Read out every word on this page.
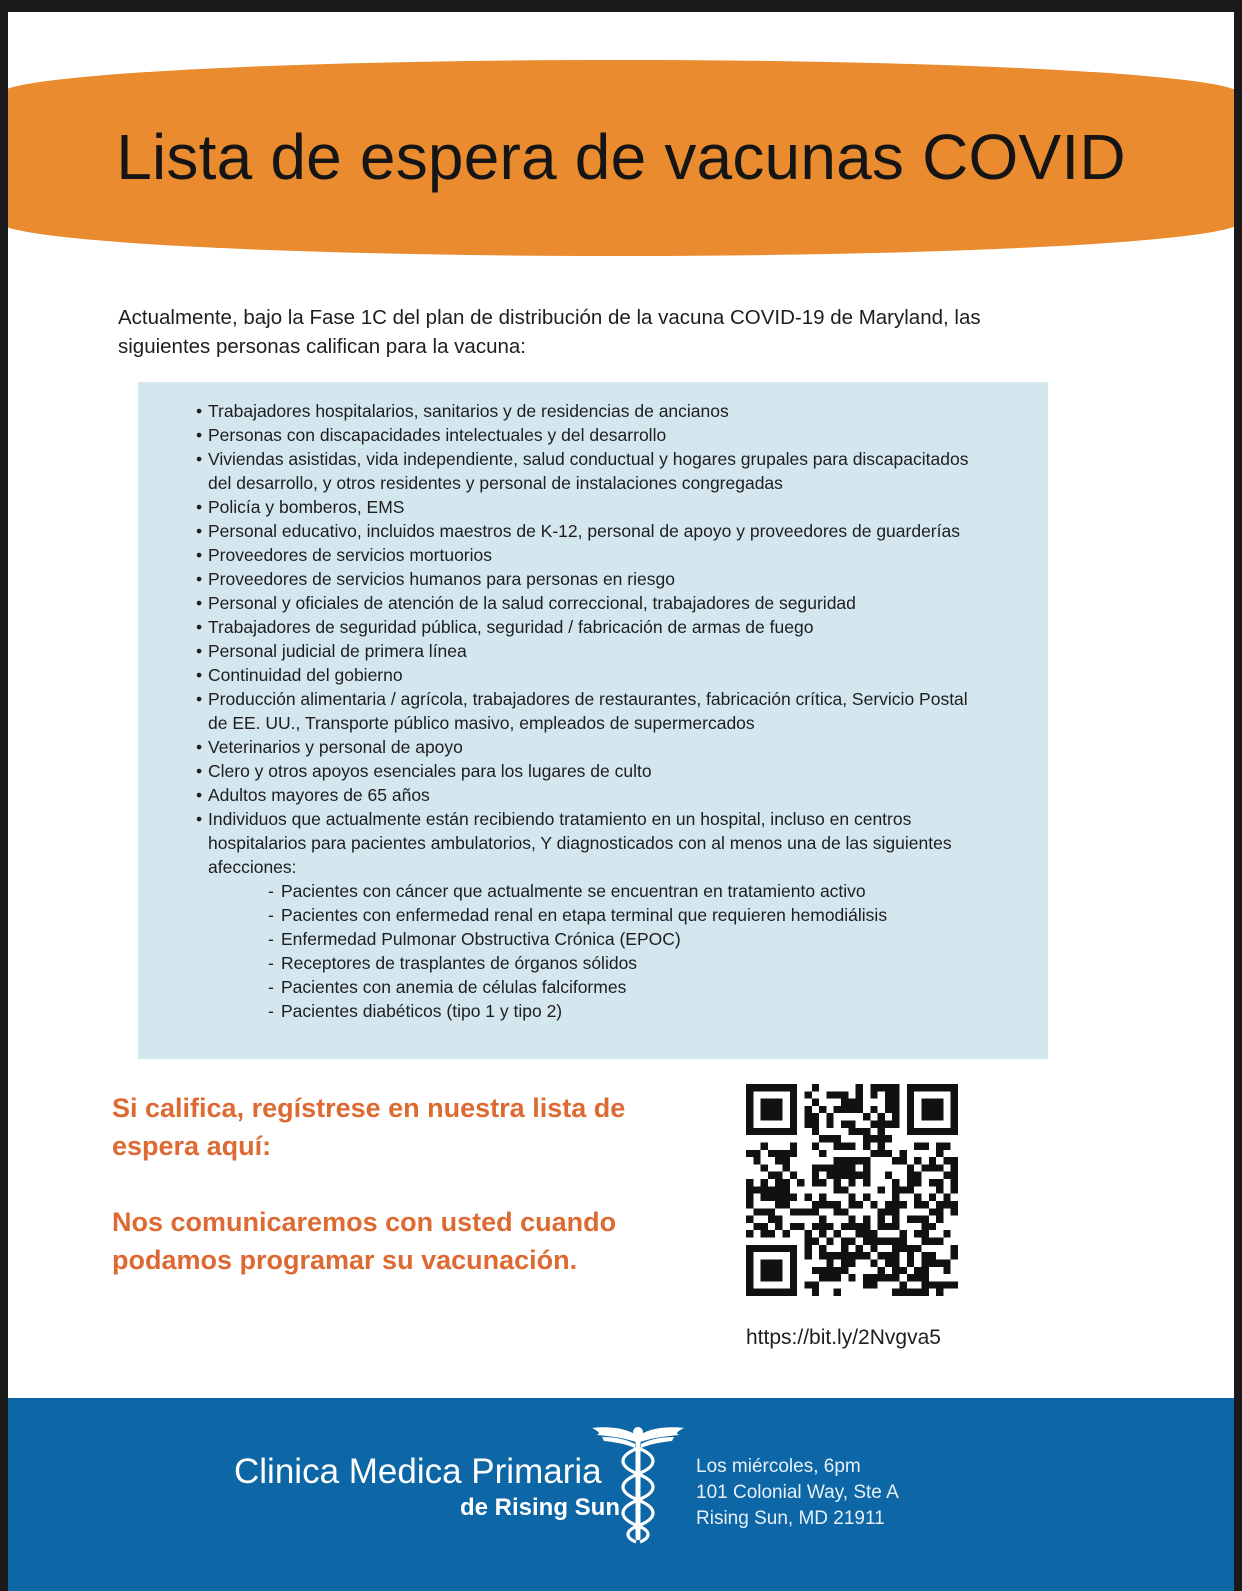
Lista de espera de vacunas COVID
Actualmente, bajo la Fase 1C del plan de distribución de la vacuna COVID-19 de Maryland, las siguientes personas califican para la vacuna:
• Trabajadores hospitalarios, sanitarios y de residencias de ancianos
• Personas con discapacidades intelectuales y del desarrollo
• Viviendas asistidas, vida independiente, salud conductual y hogares grupales para discapacitados del desarrollo, y otros residentes y personal de instalaciones congregadas
• Policía y bomberos, EMS
• Personal educativo, incluidos maestros de K-12, personal de apoyo y proveedores de guarderías
• Proveedores de servicios mortuorios
• Proveedores de servicios humanos para personas en riesgo
• Personal y oficiales de atención de la salud correccional, trabajadores de seguridad
• Trabajadores de seguridad pública, seguridad / fabricación de armas de fuego
• Personal judicial de primera línea
• Continuidad del gobierno
• Producción alimentaria / agrícola, trabajadores de restaurantes, fabricación crítica, Servicio Postal de EE. UU., Transporte público masivo, empleados de supermercados
• Veterinarios y personal de apoyo
• Clero y otros apoyos esenciales para los lugares de culto
• Adultos mayores de 65 años
• Individuos que actualmente están recibiendo tratamiento en un hospital, incluso en centros hospitalarios para pacientes ambulatorios, Y diagnosticados con al menos una de las siguientes afecciones:
- Pacientes con cáncer que actualmente se encuentran en tratamiento activo
- Pacientes con enfermedad renal en etapa terminal que requieren hemodiálisis
- Enfermedad Pulmonar Obstructiva Crónica (EPOC)
- Receptores de trasplantes de órganos sólidos
- Pacientes con anemia de células falciformes
- Pacientes diabéticos (tipo 1 y tipo 2)
Si califica, regístrese en nuestra lista de espera aquí:
Nos comunicaremos con usted cuando podamos programar su vacunación.
https://bit.ly/2Nvgva5
Clinica Medica Primaria
de Rising Sun
Los miércoles, 6pm
101 Colonial Way, Ste A
Rising Sun, MD 21911
